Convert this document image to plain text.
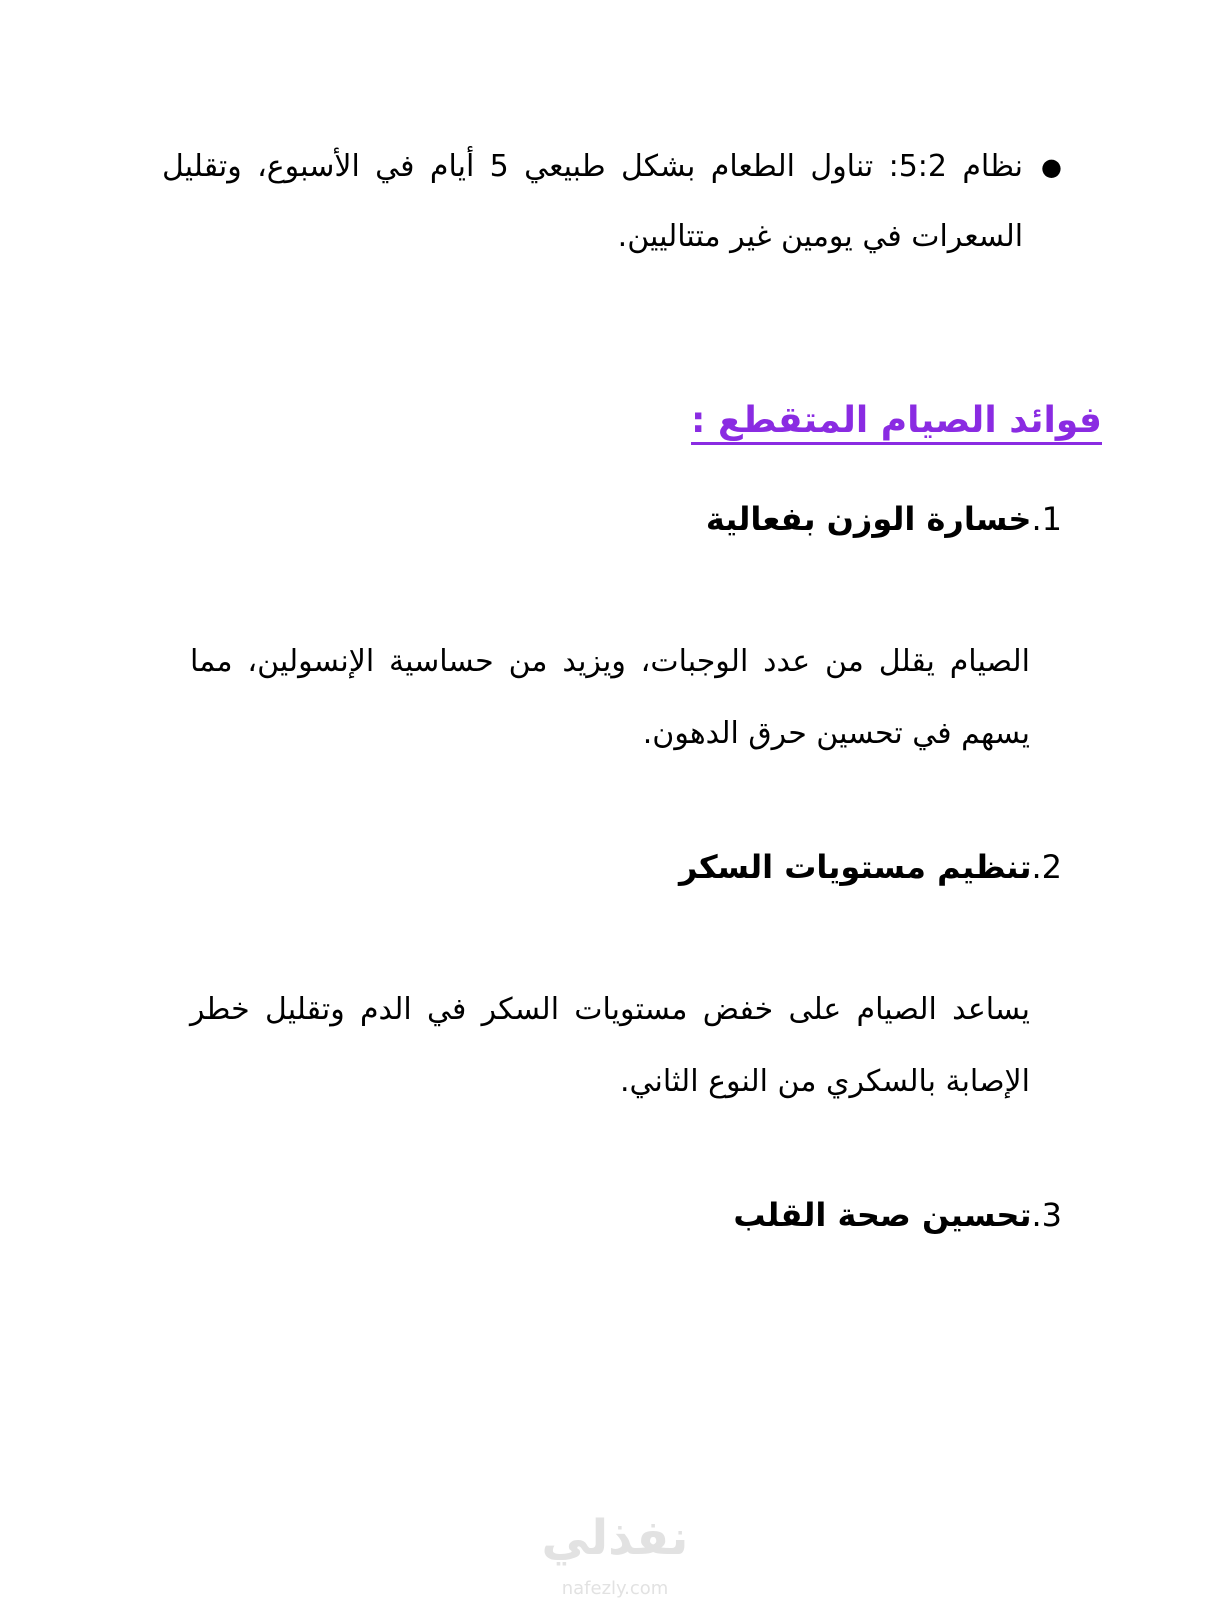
●
نظام 5:2: تناول الطعام بشكل طبيعي 5 أيام في الأسبوع، وتقليل السعرات في يومين غير متتاليين.
فوائد الصيام المتقطع :
1.خسارة الوزن بفعالية
الصيام يقلل من عدد الوجبات، ويزيد من حساسية الإنسولين، مما يسهم في تحسين حرق الدهون.
2.تنظيم مستويات السكر
يساعد الصيام على خفض مستويات السكر في الدم وتقليل خطر الإصابة بالسكري من النوع الثاني.
3.تحسين صحة القلب
نفذلي
nafezly.com
